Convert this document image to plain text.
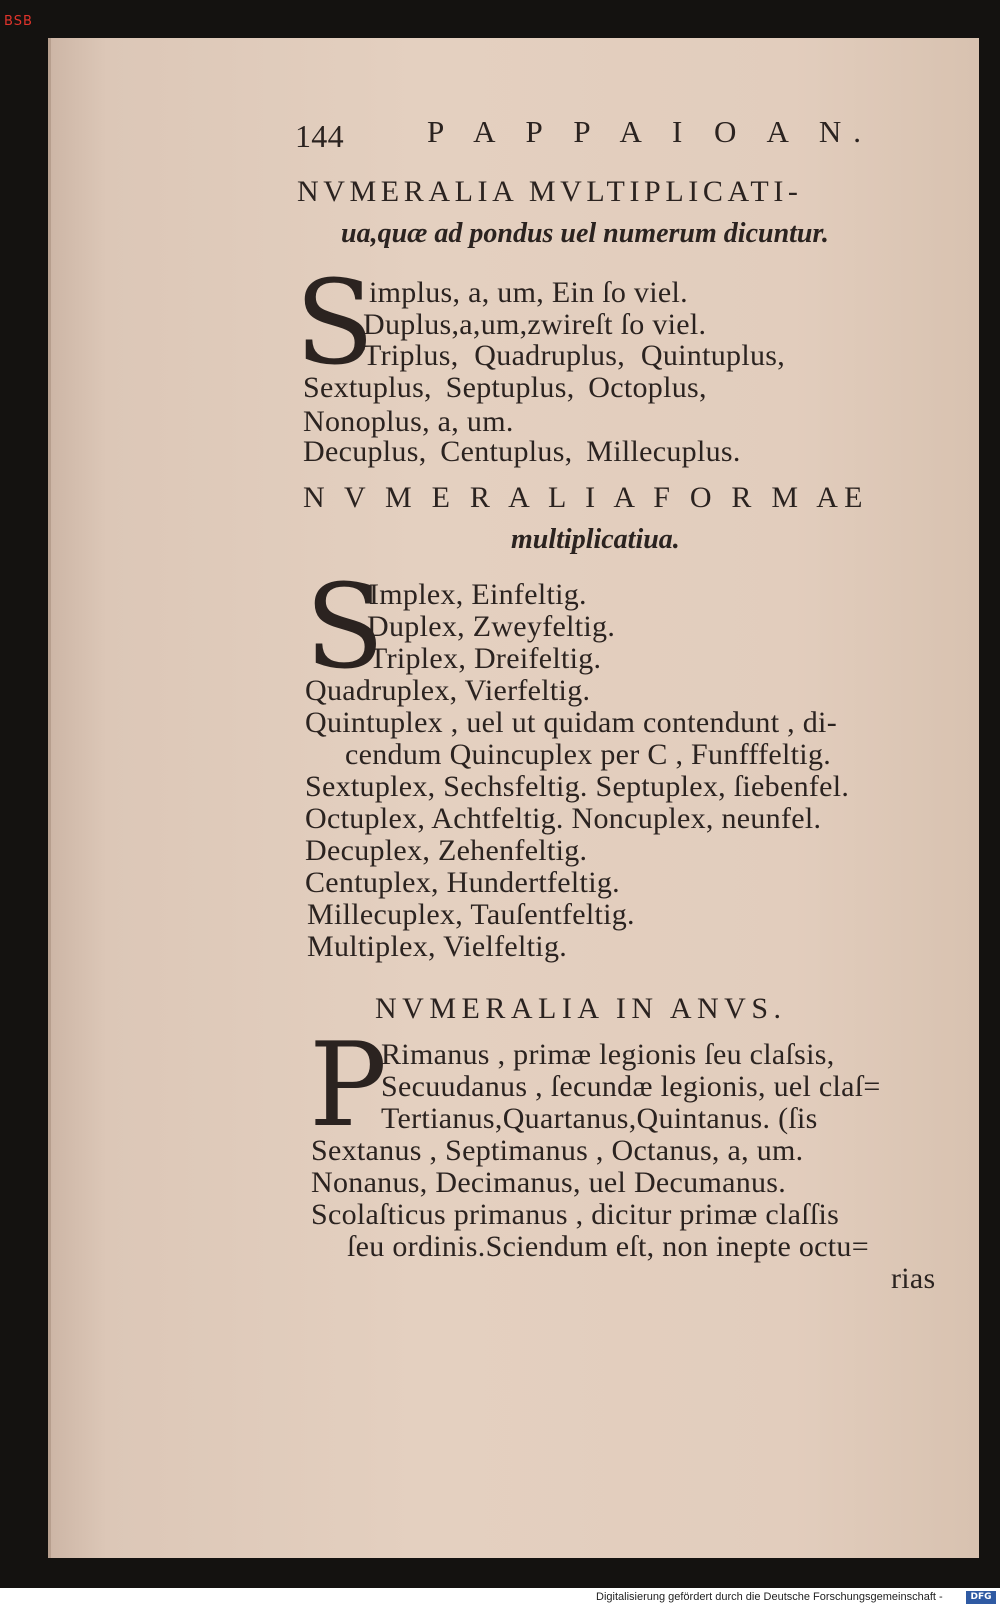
BSB
144	P A P P A I O A N.
NVMERALIA MVLTIPLICATI-
ua,quæ ad pondus uel numerum dicuntur.
S
implus, a, um, Ein ſo viel.
Duplus,a,um,zwireſt ſo viel.
Triplus, Quadruplus, Quintuplus,
Sextuplus, Septuplus, Octoplus,
Nonoplus, a, um.
Decuplus, Centuplus, Millecuplus.
N V M E R A L I A F O R M AE
multiplicatiua.
S
Implex, Einfeltig.
Duplex, Zweyfeltig.
Triplex, Dreifeltig.
Quadruplex, Vierfeltig.
Quintuplex , uel ut quidam contendunt , di-
cendum Quincuplex per C , Funfffeltig.
Sextuplex, Sechsfeltig. Septuplex, ſiebenfel.
Octuplex, Achtfeltig. Noncuplex, neunfel.
Decuplex, Zehenfeltig.
Centuplex, Hundertfeltig.
Millecuplex, Tauſentfeltig.
Multiplex, Vielfeltig.
NVMERALIA IN ANVS.
P
Rimanus , primæ legionis ſeu claſsis,
Secuudanus , ſecundæ legionis, uel claſ=
Tertianus,Quartanus,Quintanus. (ſis
Sextanus , Septimanus , Octanus, a, um.
Nonanus, Decimanus, uel Decumanus.
Scolaſticus primanus , dicitur primæ claſſis
ſeu ordinis.Sciendum eſt, non inepte octu=
rias
Digitalisierung gefördert durch die Deutsche Forschungsgemeinschaft -	DFG
